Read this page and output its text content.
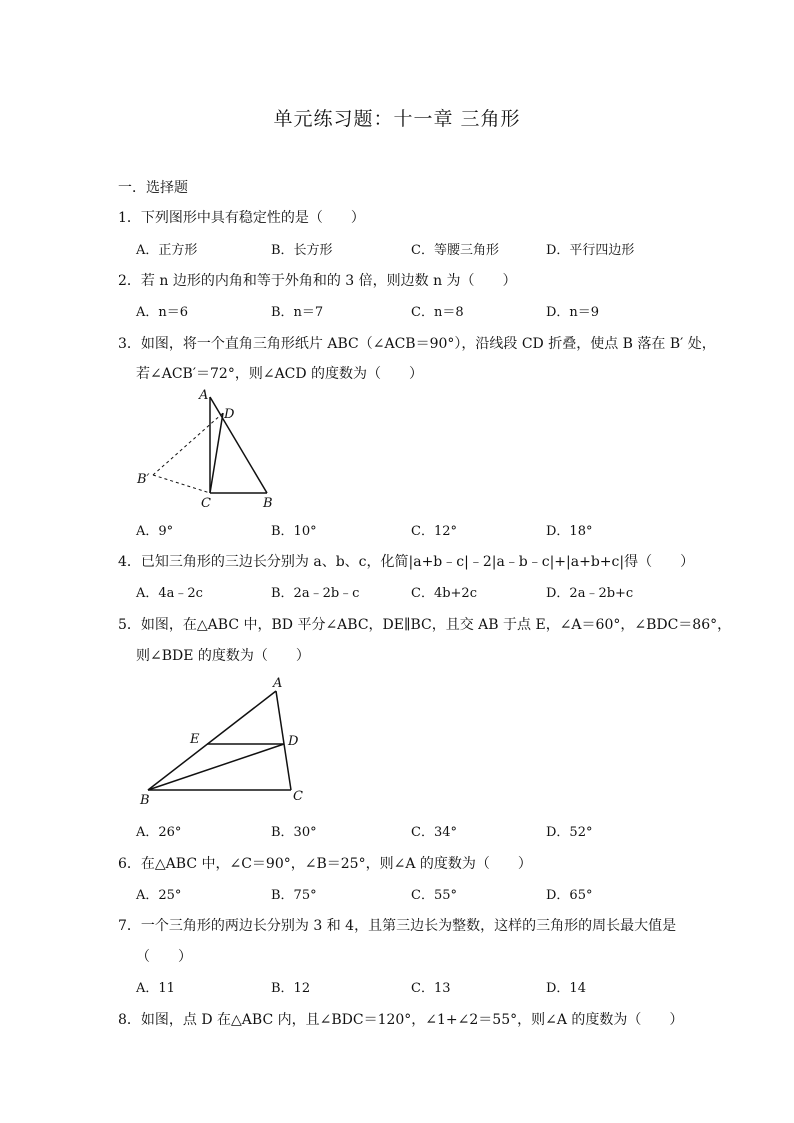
单元练习题：十一章 三角形
一．选择题
1．下列图形中具有稳定性的是（　　）
A．正方形	B．长方形	C．等腰三角形	D．平行四边形
2．若 n 边形的内角和等于外角和的 3 倍，则边数 n 为（　　）
A．n＝6	B．n＝7	C．n＝8	D．n＝9
3．如图，将一个直角三角形纸片 ABC（∠ACB＝90°），沿线段 CD 折叠，使点 B 落在 B′ 处，
若∠ACB′＝72°，则∠ACD 的度数为（　　）
A
D
B′
C	B
A．9°	B．10°	C．12°	D．18°
4．已知三角形的三边长分别为 a、b、c，化简|a+b﹣c|﹣2|a﹣b﹣c|+|a+b+c|得（　　）
A．4a﹣2c	B．2a﹣2b﹣c	C．4b+2c	D．2a﹣2b+c
5．如图，在△ABC 中，BD 平分∠ABC，DE∥BC，且交 AB 于点 E，∠A＝60°，∠BDC＝86°，
则∠BDE 的度数为（　　）
A
E	D
B	C
A．26°	B．30°	C．34°	D．52°
6．在△ABC 中，∠C＝90°，∠B＝25°，则∠A 的度数为（　　）
A．25°	B．75°	C．55°	D．65°
7．一个三角形的两边长分别为 3 和 4，且第三边长为整数，这样的三角形的周长最大值是
（　　）
A．11	B．12	C．13	D．14
8．如图，点 D 在△ABC 内，且∠BDC＝120°，∠1+∠2＝55°，则∠A 的度数为（　　）
